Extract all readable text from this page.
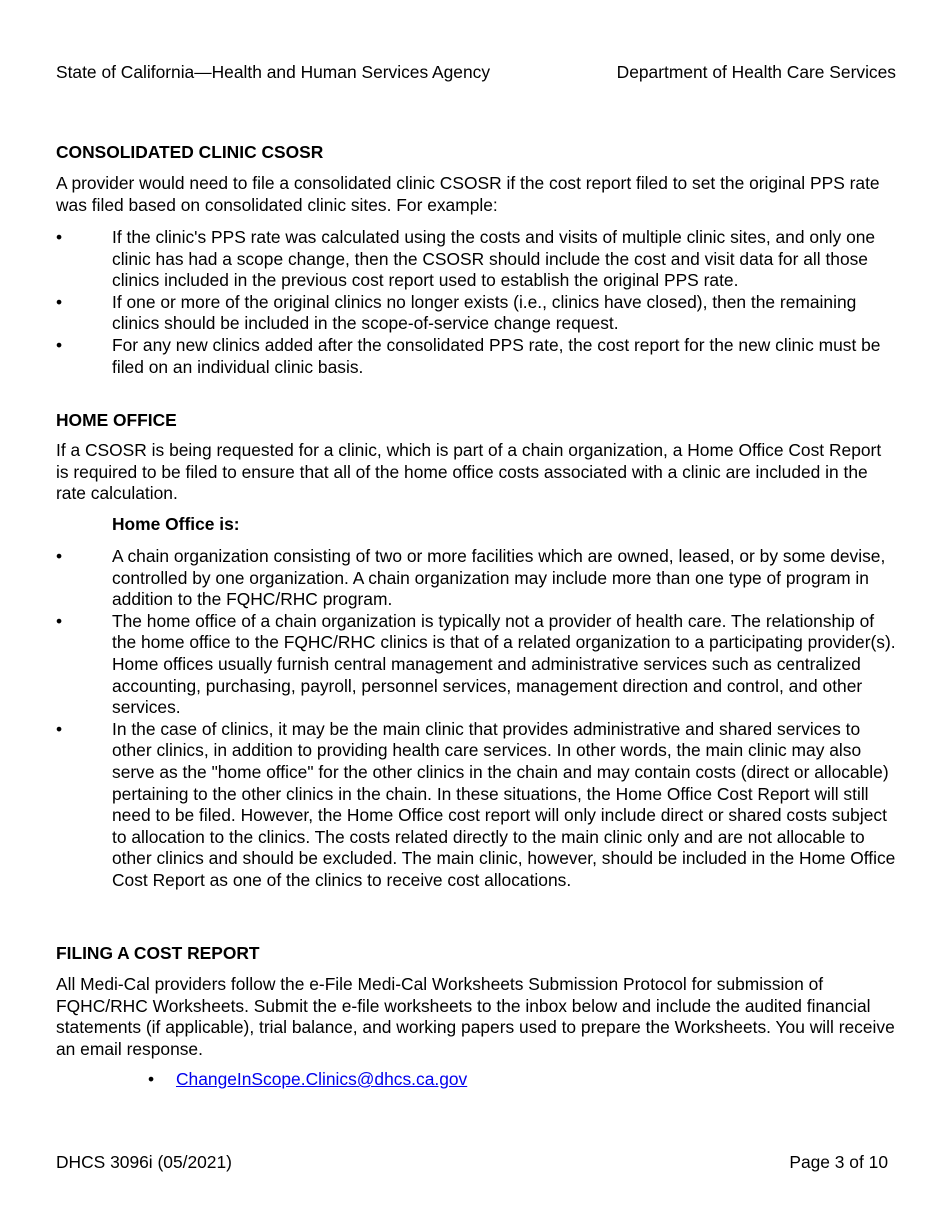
State of California—Health and Human Services Agency	Department of Health Care Services
CONSOLIDATED CLINIC CSOSR
A provider would need to file a consolidated clinic CSOSR if the cost report filed to set the original PPS rate was filed based on consolidated clinic sites. For example:
•	If the clinic's PPS rate was calculated using the costs and visits of multiple clinic sites, and only one clinic has had a scope change, then the CSOSR should include the cost and visit data for all those clinics included in the previous cost report used to establish the original PPS rate.
•	If one or more of the original clinics no longer exists (i.e., clinics have closed), then the remaining clinics should be included in the scope-of-service change request.
•	For any new clinics added after the consolidated PPS rate, the cost report for the new clinic must be filed on an individual clinic basis.
HOME OFFICE
If a CSOSR is being requested for a clinic, which is part of a chain organization, a Home Office Cost Report is required to be filed to ensure that all of the home office costs associated with a clinic are included in the rate calculation.
Home Office is:
•	A chain organization consisting of two or more facilities which are owned, leased, or by some devise, controlled by one organization. A chain organization may include more than one type of program in addition to the FQHC/RHC program.
•	The home office of a chain organization is typically not a provider of health care. The relationship of the home office to the FQHC/RHC clinics is that of a related organization to a participating provider(s). Home offices usually furnish central management and administrative services such as centralized accounting, purchasing, payroll, personnel services, management direction and control, and other services.
•	In the case of clinics, it may be the main clinic that provides administrative and shared services to other clinics, in addition to providing health care services. In other words, the main clinic may also serve as the "home office" for the other clinics in the chain and may contain costs (direct or allocable) pertaining to the other clinics in the chain. In these situations, the Home Office Cost Report will still need to be filed. However, the Home Office cost report will only include direct or shared costs subject to allocation to the clinics. The costs related directly to the main clinic only and are not allocable to other clinics and should be excluded. The main clinic, however, should be included in the Home Office Cost Report as one of the clinics to receive cost allocations.
FILING A COST REPORT
All Medi-Cal providers follow the e-File Medi-Cal Worksheets Submission Protocol for submission of FQHC/RHC Worksheets. Submit the e-file worksheets to the inbox below and include the audited financial statements (if applicable), trial balance, and working papers used to prepare the Worksheets. You will receive an email response.
• ChangeInScope.Clinics@dhcs.ca.gov
DHCS 3096i (05/2021)	Page 3 of 10
